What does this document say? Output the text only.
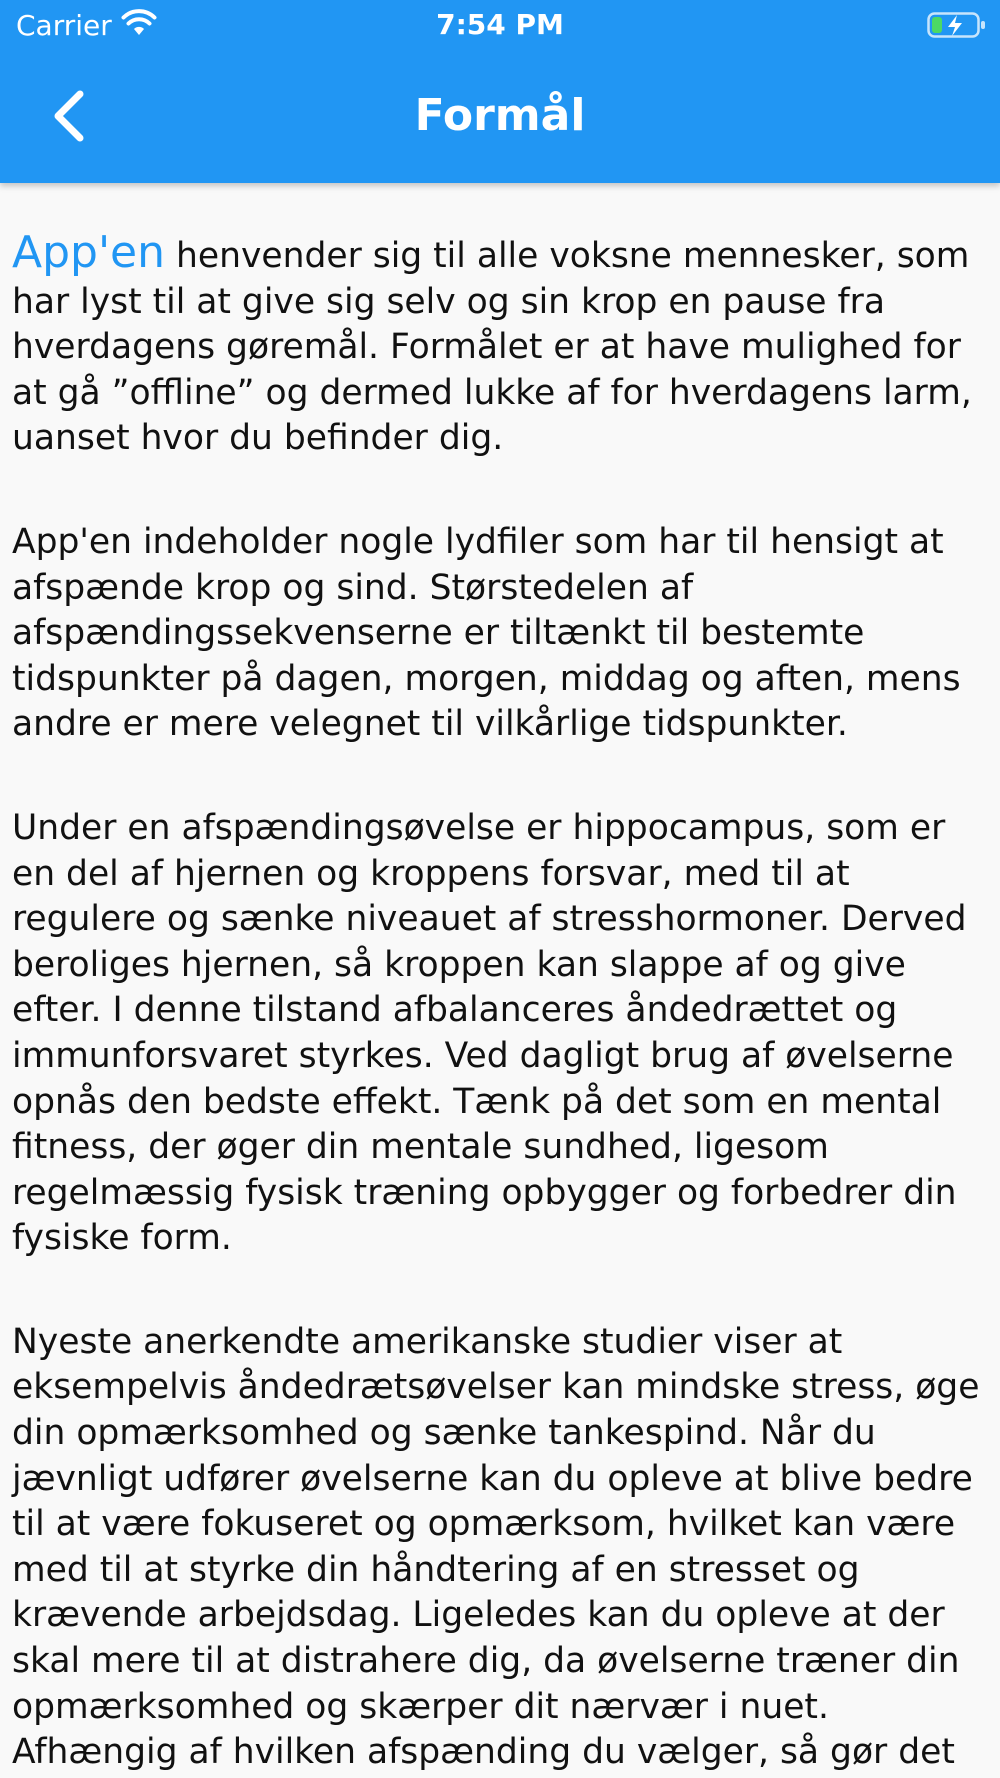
Carrier	7:54 PM
Formål

App'en henvender sig til alle voksne mennesker, som har lyst til at give sig selv og sin krop en pause fra hverdagens gøremål. Formålet er at have mulighed for at gå ”offline” og dermed lukke af for hverdagens larm, uanset hvor du befinder dig.

App'en indeholder nogle lydfiler som har til hensigt at afspænde krop og sind. Størstedelen af afspændingssekvenserne er tiltænkt til bestemte tidspunkter på dagen, morgen, middag og aften, mens andre er mere velegnet til vilkårlige tidspunkter.

Under en afspændingsøvelse er hippocampus, som er en del af hjernen og kroppens forsvar, med til at regulere og sænke niveauet af stresshormoner. Derved beroliges hjernen, så kroppen kan slappe af og give efter. I denne tilstand afbalanceres åndedrættet og immunforsvaret styrkes. Ved dagligt brug af øvelserne opnås den bedste effekt. Tænk på det som en mental fitness, der øger din mentale sundhed, ligesom regelmæssig fysisk træning opbygger og forbedrer din fysiske form.

Nyeste anerkendte amerikanske studier viser at eksempelvis åndedrætsøvelser kan mindske stress, øge din opmærksomhed og sænke tankespind. Når du jævnligt udfører øvelserne kan du opleve at blive bedre til at være fokuseret og opmærksom, hvilket kan være med til at styrke din håndtering af en stresset og krævende arbejdsdag. Ligeledes kan du opleve at der skal mere til at distrahere dig, da øvelserne træner din opmærksomhed og skærper dit nærvær i nuet. Afhængig af hvilken afspænding du vælger, så gør det
